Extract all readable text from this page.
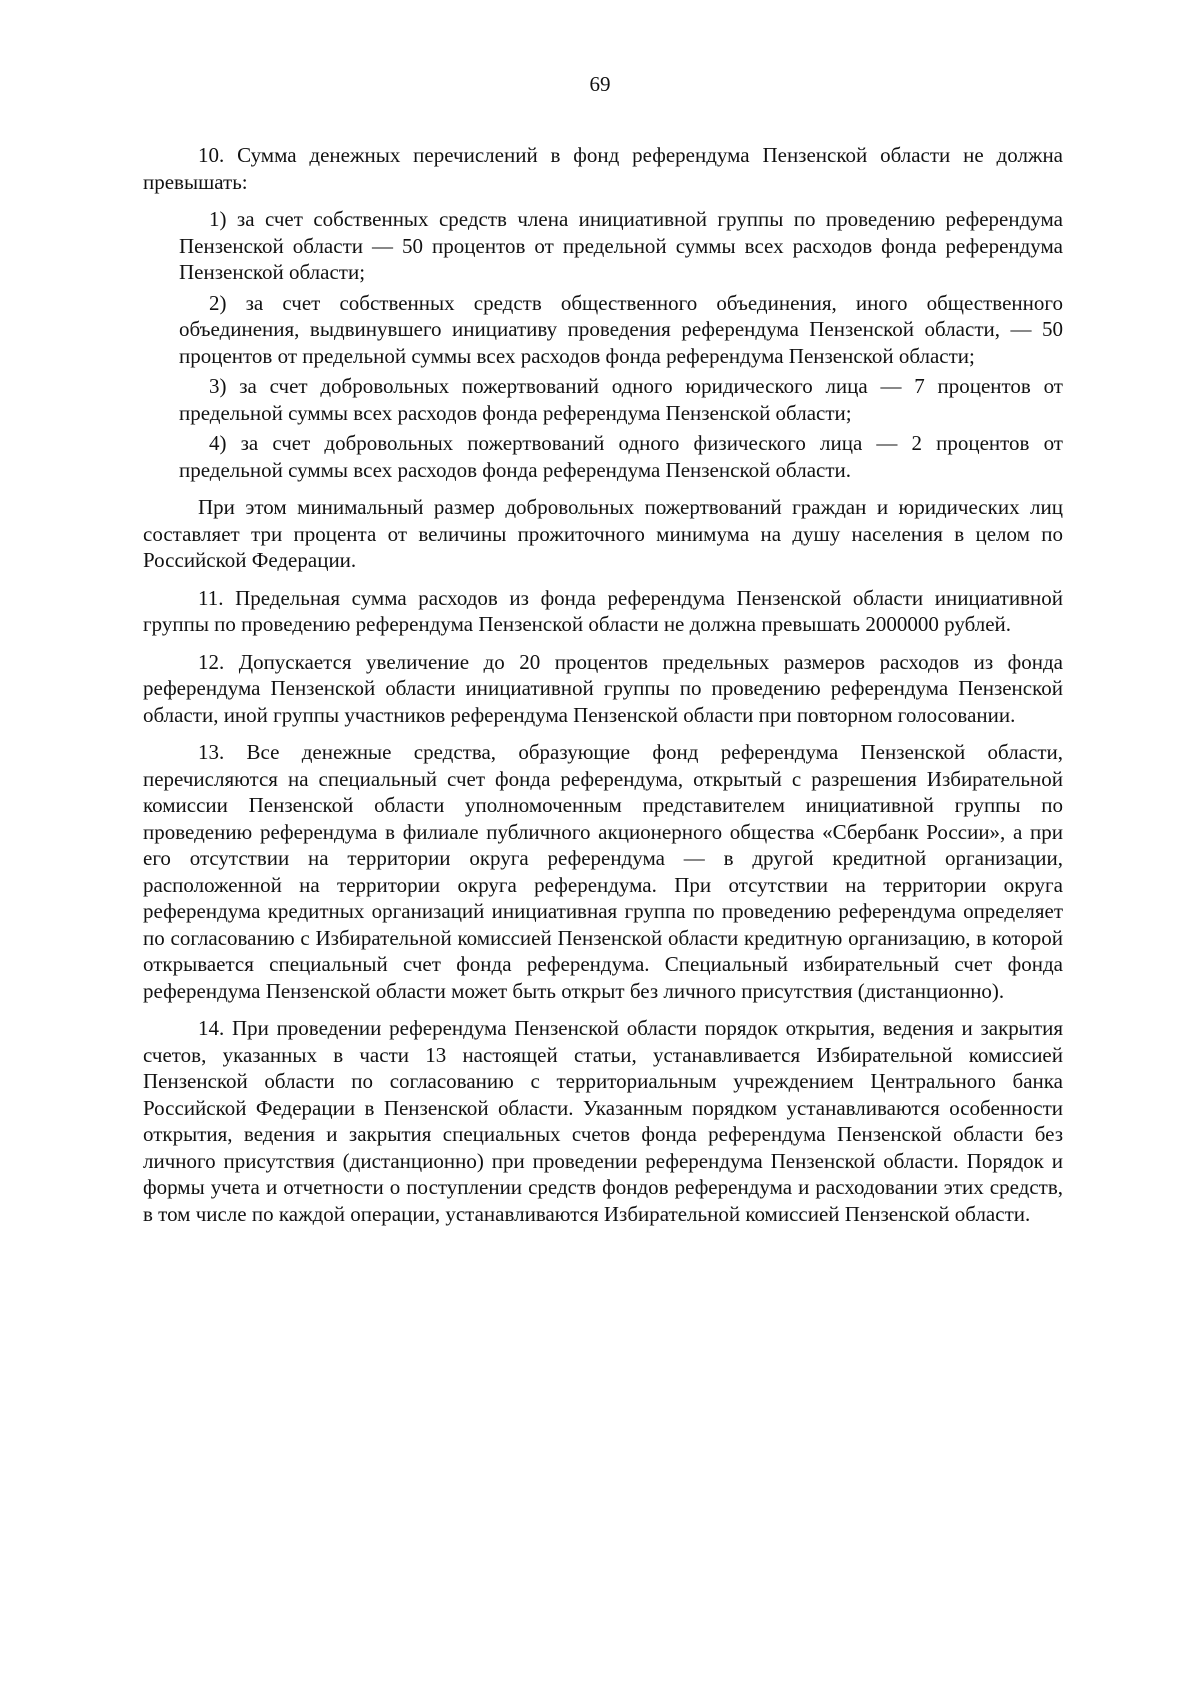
69

10. Сумма денежных перечислений в фонд референдума Пензенской области не должна превышать:

1) за счет собственных средств члена инициативной группы по проведению референдума Пензенской области — 50 процентов от предельной суммы всех расходов фонда референдума Пензенской области;

2) за счет собственных средств общественного объединения, иного общественного объединения, выдвинувшего инициативу проведения референдума Пензенской области, — 50 процентов от предельной суммы всех расходов фонда референдума Пензенской области;

3) за счет добровольных пожертвований одного юридического лица — 7 процентов от предельной суммы всех расходов фонда референдума Пензенской области;

4) за счет добровольных пожертвований одного физического лица — 2 процентов от предельной суммы всех расходов фонда референдума Пензенской области.

При этом минимальный размер добровольных пожертвований граждан и юридических лиц составляет три процента от величины прожиточного минимума на душу населения в целом по Российской Федерации.

11. Предельная сумма расходов из фонда референдума Пензенской области инициативной группы по проведению референдума Пензенской области не должна превышать 2000000 рублей.

12. Допускается увеличение до 20 процентов предельных размеров расходов из фонда референдума Пензенской области инициативной группы по проведению референдума Пензенской области, иной группы участников референдума Пензенской области при повторном голосовании.

13. Все денежные средства, образующие фонд референдума Пензенской области, перечисляются на специальный счет фонда референдума, открытый с разрешения Избирательной комиссии Пензенской области уполномоченным представителем инициативной группы по проведению референдума в филиале публичного акционерного общества «Сбербанк России», а при его отсутствии на территории округа референдума — в другой кредитной организации, расположенной на территории округа референдума. При отсутствии на территории округа референдума кредитных организаций инициативная группа по проведению референдума определяет по согласованию с Избирательной комиссией Пензенской области кредитную организацию, в которой открывается специальный счет фонда референдума. Специальный избирательный счет фонда референдума Пензенской области может быть открыт без личного присутствия (дистанционно).

14. При проведении референдума Пензенской области порядок открытия, ведения и закрытия счетов, указанных в части 13 настоящей статьи, устанавливается Избирательной комиссией Пензенской области по согласованию с территориальным учреждением Центрального банка Российской Федерации в Пензенской области. Указанным порядком устанавливаются особенности открытия, ведения и закрытия специальных счетов фонда референдума Пензенской области без личного присутствия (дистанционно) при проведении референдума Пензенской области. Порядок и формы учета и отчетности о поступлении средств фондов референдума и расходовании этих средств, в том числе по каждой операции, устанавливаются Избирательной комиссией Пензенской области.
